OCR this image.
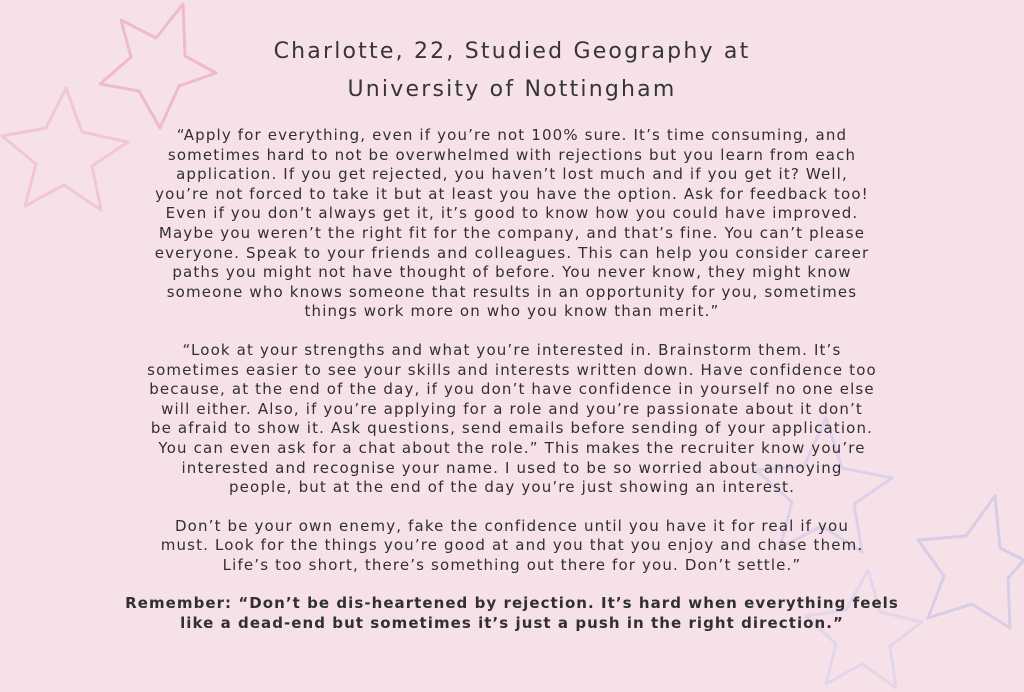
Charlotte, 22, Studied Geography at
University of Nottingham

“Apply for everything, even if you’re not 100% sure. It’s time consuming, and
sometimes hard to not be overwhelmed with rejections but you learn from each
application. If you get rejected, you haven’t lost much and if you get it? Well,
you’re not forced to take it but at least you have the option. Ask for feedback too!
Even if you don’t always get it, it’s good to know how you could have improved.
Maybe you weren’t the right fit for the company, and that’s fine. You can’t please
everyone. Speak to your friends and colleagues. This can help you consider career
paths you might not have thought of before. You never know, they might know
someone who knows someone that results in an opportunity for you, sometimes
things work more on who you know than merit.”

“Look at your strengths and what you’re interested in. Brainstorm them. It’s
sometimes easier to see your skills and interests written down. Have confidence too
because, at the end of the day, if you don’t have confidence in yourself no one else
will either. Also, if you’re applying for a role and you’re passionate about it don’t
be afraid to show it. Ask questions, send emails before sending of your application.
You can even ask for a chat about the role.” This makes the recruiter know you’re
interested and recognise your name. I used to be so worried about annoying
people, but at the end of the day you’re just showing an interest.

Don’t be your own enemy, fake the confidence until you have it for real if you
must. Look for the things you’re good at and you that you enjoy and chase them.
Life’s too short, there’s something out there for you. Don’t settle.”

Remember: “Don’t be dis-heartened by rejection. It’s hard when everything feels
like a dead-end but sometimes it’s just a push in the right direction.”
